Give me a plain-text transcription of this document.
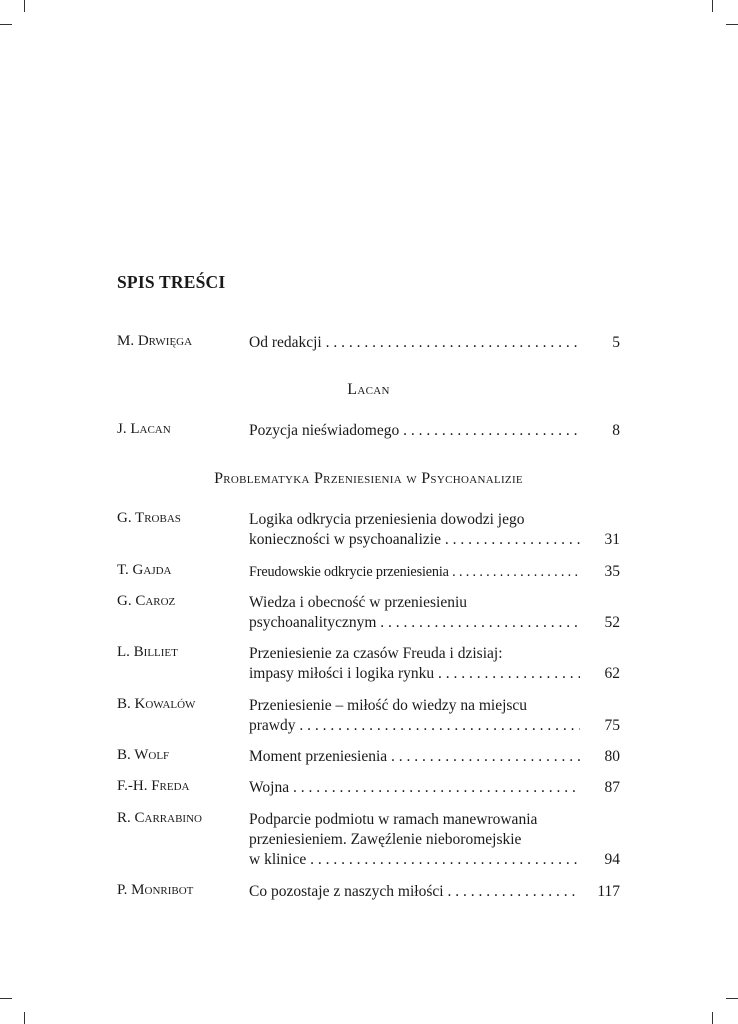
SPIS TREŚCI
M. Drwięga	Od redakcji . . .	5
Lacan
J. Lacan	Pozycja nieświadomego . . .	8
Problematyka Przeniesienia w Psychoanalizie
G. Trobas	Logika odkrycia przeniesienia dowodzi jego
konieczności w psychoanalizie . . .	31
T. Gajda	Freudowskie odkrycie przeniesienia . . .	35
G. Caroz	Wiedza i obecność w przeniesieniu
psychoanalitycznym . . .	52
L. Billiet	Przeniesienie za czasów Freuda i dzisiaj:
impasy miłości i logika rynku . . .	62
B. Kowalów	Przeniesienie – miłość do wiedzy na miejscu
prawdy . . .	75
B. Wolf	Moment przeniesienia . . .	80
F.-H. Freda	Wojna . . .	87
R. Carrabino	Podparcie podmiotu w ramach manewrowania
przeniesieniem. Zawęźlenie nieboromejskie
w klinice . . .	94
P. Monribot	Co pozostaje z naszych miłości . . .	117
